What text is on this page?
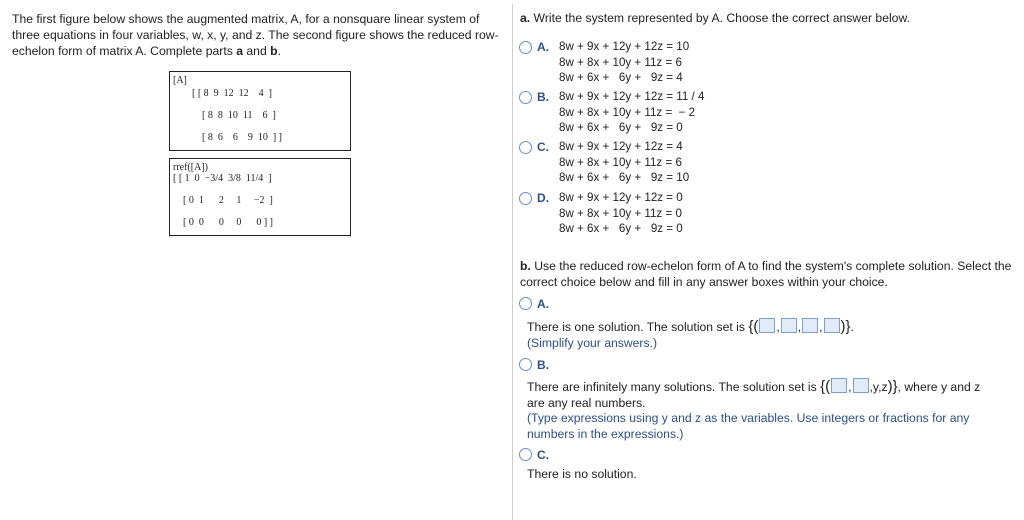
The first figure below shows the augmented matrix, A, for a nonsquare linear system of three equations in four variables, w, x, y, and z. The second figure shows the reduced row-echelon form of matrix A. Complete parts a and b.
[A]
[ [ 8  9  12  12    4  ]
[ 8  8  10  11    6  ]
[ 8  6    6    9  10  ] ]
rref([A])
[ [ 1  0  −3/4  3/8  11/4  ]
[ 0  1      2     1     −2  ]
[ 0  0      0     0      0 ] ]
a. Write the system represented by A. Choose the correct answer below.
A. 8w + 9x + 12y + 12z = 10
8w + 8x + 10y + 11z = 6
8w + 6x +   6y +   9z = 4
B. 8w + 9x + 12y + 12z = 11 / 4
8w + 8x + 10y + 11z =  − 2
8w + 6x +   6y +   9z = 0
C. 8w + 9x + 12y + 12z = 4
8w + 8x + 10y + 11z = 6
8w + 6x +   6y +   9z = 10
D. 8w + 9x + 12y + 12z = 0
8w + 8x + 10y + 11z = 0
8w + 6x +   6y +   9z = 0
b. Use the reduced row-echelon form of A to find the system's complete solution. Select the correct choice below and fill in any answer boxes within your choice.
A.
There is one solution. The solution set is {( , , , )}.
(Simplify your answers.)
B.
There are infinitely many solutions. The solution set is {( , ,y,z)}, where y and z
are any real numbers.
(Type expressions using y and z as the variables. Use integers or fractions for any
numbers in the expressions.)
C.
There is no solution.
